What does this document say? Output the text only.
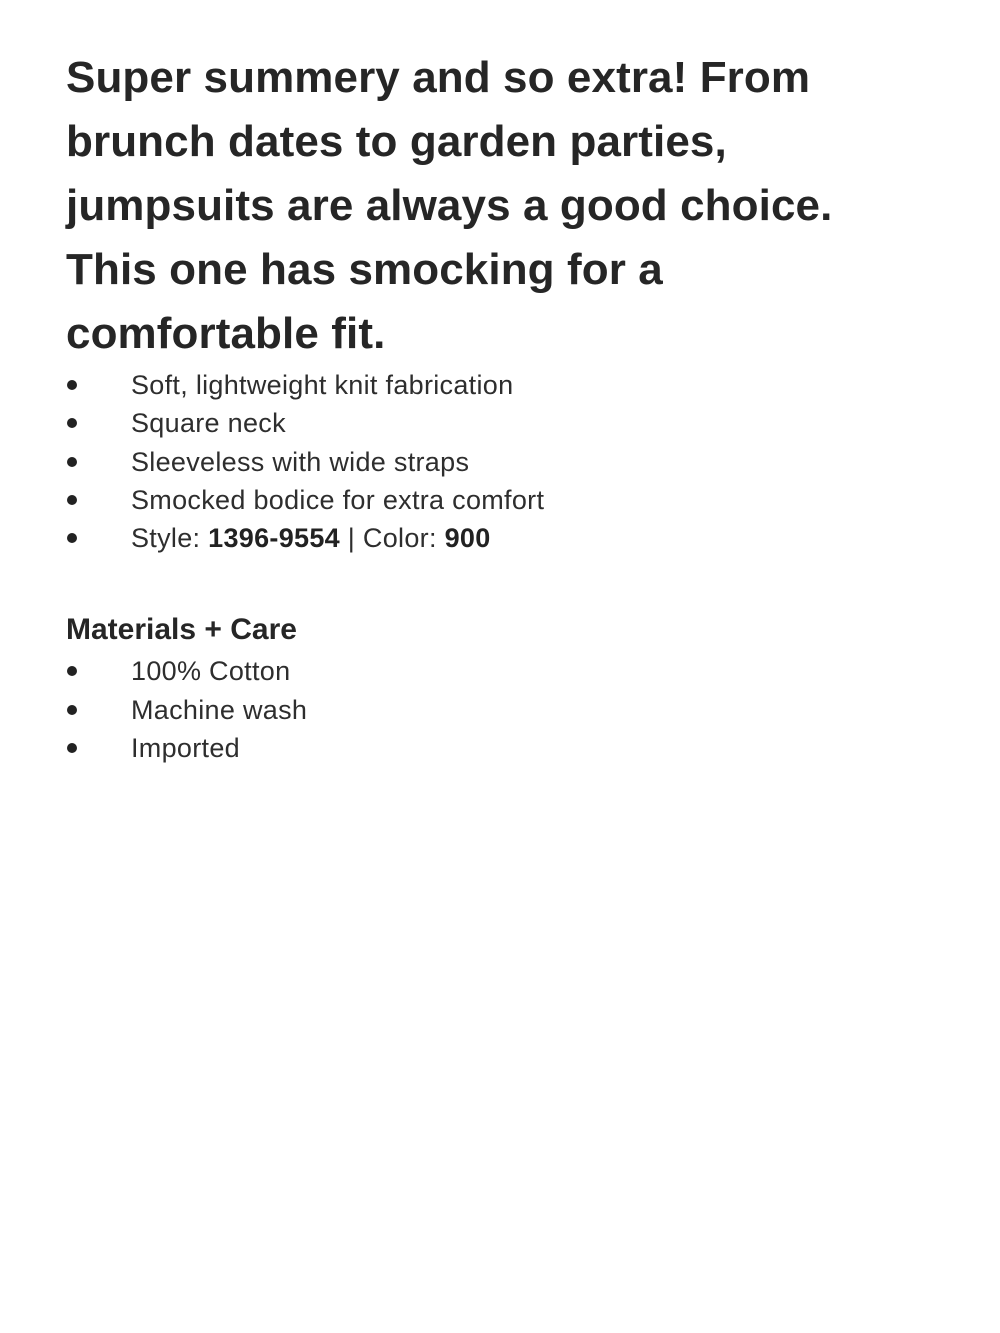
Super summery and so extra! From
brunch dates to garden parties,
jumpsuits are always a good choice.
This one has smocking for a
comfortable fit.
Soft, lightweight knit fabrication
Square neck
Sleeveless with wide straps
Smocked bodice for extra comfort
Style: 1396-9554 | Color: 900
Materials + Care
100% Cotton
Machine wash
Imported
